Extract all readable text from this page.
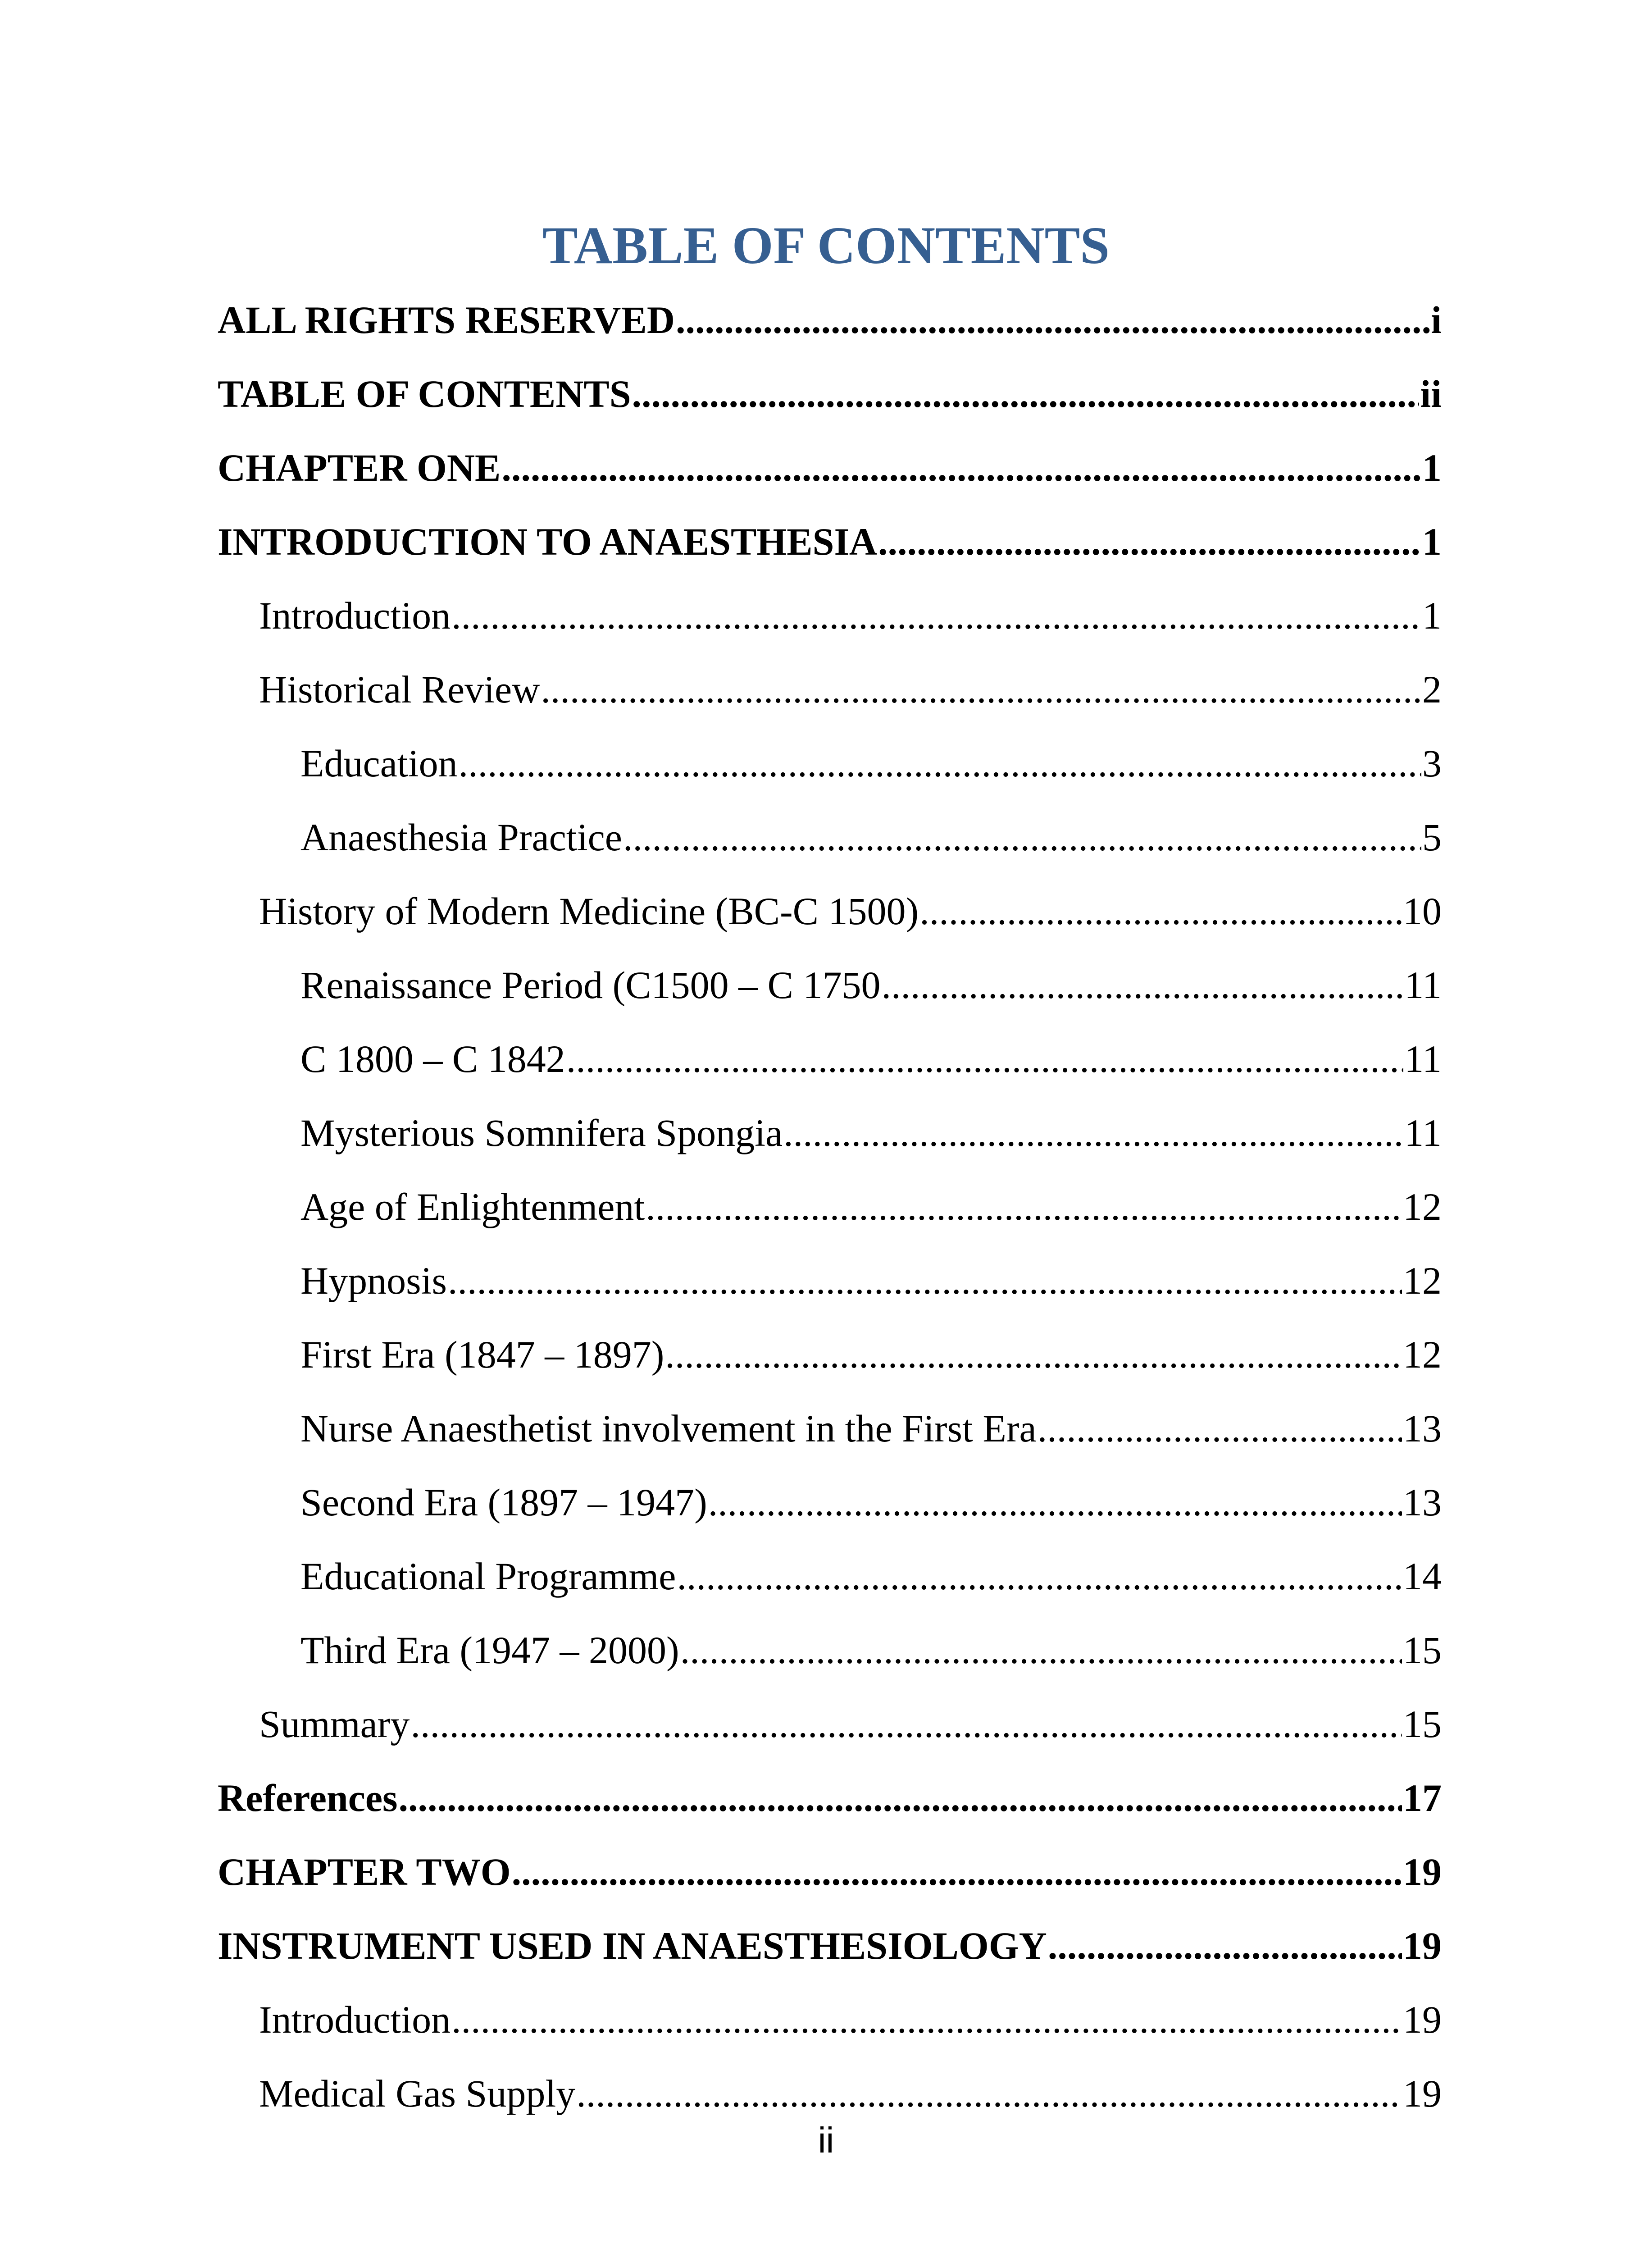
TABLE OF CONTENTS
ALL RIGHTS RESERVED .....	i
TABLE OF CONTENTS .....	ii
CHAPTER ONE .....	1
INTRODUCTION TO ANAESTHESIA .....	1
Introduction .....	1
Historical Review .....	2
Education .....	3
Anaesthesia Practice .....	5
History of Modern Medicine (BC-C 1500) .....	10
Renaissance Period (C1500 – C 1750 .....	11
C 1800 – C 1842 .....	11
Mysterious Somnifera Spongia .....	11
Age of Enlightenment .....	12
Hypnosis .....	12
First Era (1847 – 1897) .....	12
Nurse Anaesthetist involvement in the First Era .....	13
Second Era (1897 – 1947) .....	13
Educational Programme .....	14
Third Era (1947 – 2000) .....	15
Summary .....	15
References .....	17
CHAPTER TWO .....	19
INSTRUMENT USED IN ANAESTHESIOLOGY .....	19
Introduction .....	19
Medical Gas Supply .....	19
ii
